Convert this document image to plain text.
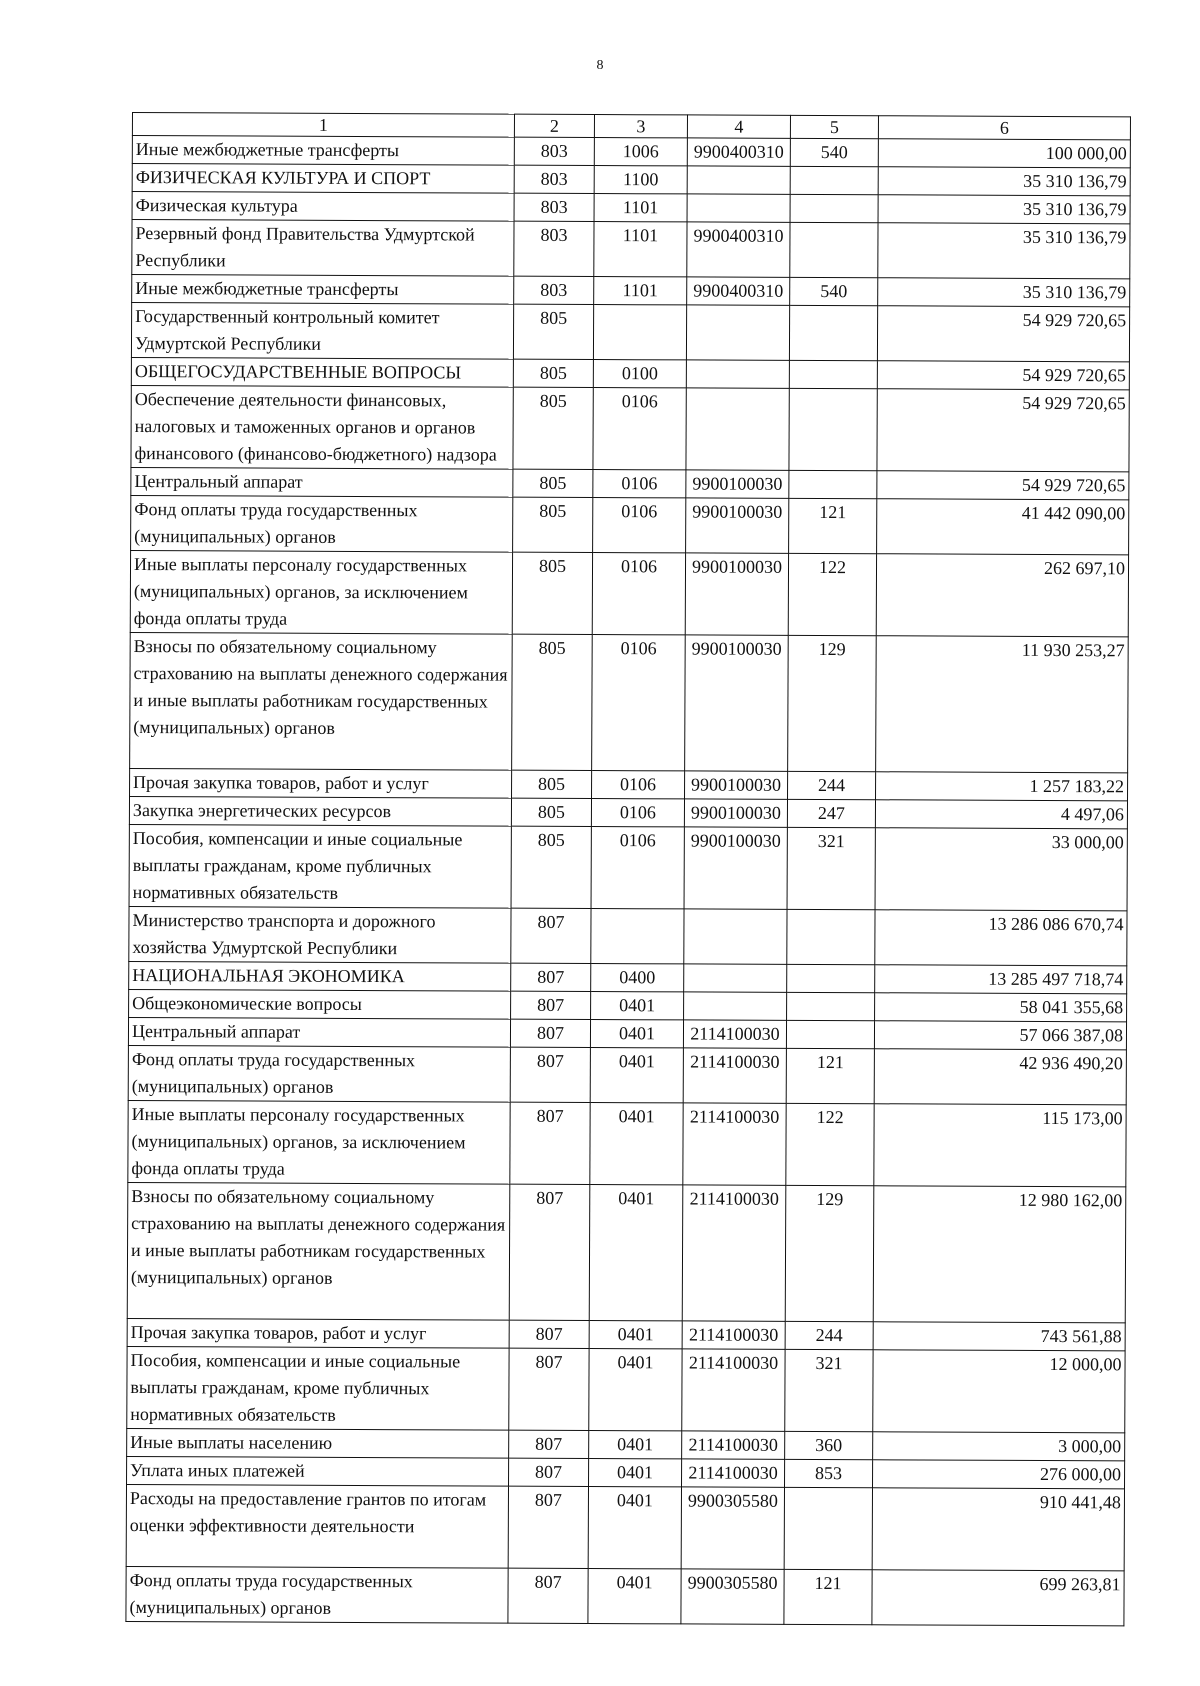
8
1	2	3	4	5	6
Иные межбюджетные трансферты	803	1006	9900400310	540	100 000,00
ФИЗИЧЕСКАЯ КУЛЬТУРА И СПОРТ	803	1100			35 310 136,79
Физическая культура	803	1101			35 310 136,79
Резервный фонд Правительства Удмуртской Республики	803	1101	9900400310		35 310 136,79
Иные межбюджетные трансферты	803	1101	9900400310	540	35 310 136,79
Государственный контрольный комитет Удмуртской Республики	805				54 929 720,65
ОБЩЕГОСУДАРСТВЕННЫЕ ВОПРОСЫ	805	0100			54 929 720,65
Обеспечение деятельности финансовых, налоговых и таможенных органов и органов финансового (финансово-бюджетного) надзора	805	0106			54 929 720,65
Центральный аппарат	805	0106	9900100030		54 929 720,65
Фонд оплаты труда государственных (муниципальных) органов	805	0106	9900100030	121	41 442 090,00
Иные выплаты персоналу государственных (муниципальных) органов, за исключением фонда оплаты труда	805	0106	9900100030	122	262 697,10
Взносы по обязательному социальному страхованию на выплаты денежного содержания и иные выплаты работникам государственных (муниципальных) органов	805	0106	9900100030	129	11 930 253,27
Прочая закупка товаров, работ и услуг	805	0106	9900100030	244	1 257 183,22
Закупка энергетических ресурсов	805	0106	9900100030	247	4 497,06
Пособия, компенсации и иные социальные выплаты гражданам, кроме публичных нормативных обязательств	805	0106	9900100030	321	33 000,00
Министерство транспорта и дорожного хозяйства Удмуртской Республики	807				13 286 086 670,74
НАЦИОНАЛЬНАЯ ЭКОНОМИКА	807	0400			13 285 497 718,74
Общеэкономические вопросы	807	0401			58 041 355,68
Центральный аппарат	807	0401	2114100030		57 066 387,08
Фонд оплаты труда государственных (муниципальных) органов	807	0401	2114100030	121	42 936 490,20
Иные выплаты персоналу государственных (муниципальных) органов, за исключением фонда оплаты труда	807	0401	2114100030	122	115 173,00
Взносы по обязательному социальному страхованию на выплаты денежного содержания и иные выплаты работникам государственных (муниципальных) органов	807	0401	2114100030	129	12 980 162,00
Прочая закупка товаров, работ и услуг	807	0401	2114100030	244	743 561,88
Пособия, компенсации и иные социальные выплаты гражданам, кроме публичных нормативных обязательств	807	0401	2114100030	321	12 000,00
Иные выплаты населению	807	0401	2114100030	360	3 000,00
Уплата иных платежей	807	0401	2114100030	853	276 000,00
Расходы на предоставление грантов по итогам оценки эффективности деятельности	807	0401	9900305580		910 441,48
Фонд оплаты труда государственных (муниципальных) органов	807	0401	9900305580	121	699 263,81
